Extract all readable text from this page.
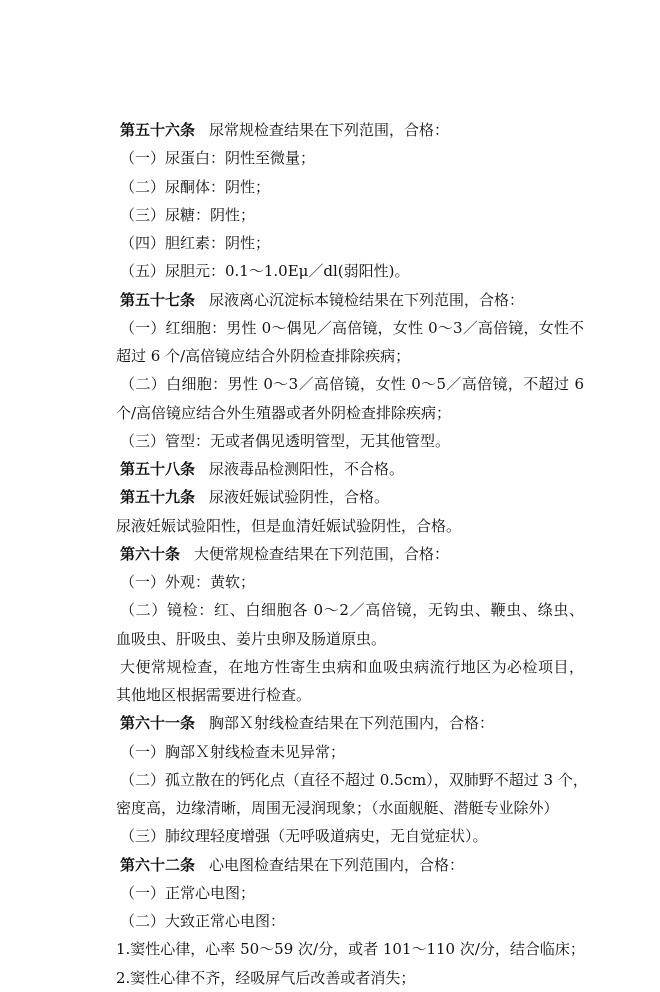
第五十六条 尿常规检查结果在下列范围，合格：
（一）尿蛋白：阴性至微量；
（二）尿酮体：阴性；
（三）尿糖：阴性；
（四）胆红素：阴性；
（五）尿胆元：0.1～1.0Eμ／dl(弱阳性)。
第五十七条 尿液离心沉淀标本镜检结果在下列范围，合格：
（一）红细胞：男性 0～偶见／高倍镜，女性 0～3／高倍镜，女性不
超过 6 个/高倍镜应结合外阴检查排除疾病；
（二）白细胞：男性 0～3／高倍镜，女性 0～5／高倍镜，不超过 6
个/高倍镜应结合外生殖器或者外阴检查排除疾病；
（三）管型：无或者偶见透明管型，无其他管型。
第五十八条 尿液毒品检测阳性，不合格。
第五十九条 尿液妊娠试验阴性，合格。
尿液妊娠试验阳性，但是血清妊娠试验阴性，合格。
第六十条 大便常规检查结果在下列范围，合格：
（一）外观：黄软；
（二）镜检：红、白细胞各 0～2／高倍镜，无钩虫、鞭虫、绦虫、
血吸虫、肝吸虫、姜片虫卵及肠道原虫。
大便常规检查，在地方性寄生虫病和血吸虫病流行地区为必检项目，
其他地区根据需要进行检查。
第六十一条 胸部Ｘ射线检查结果在下列范围内，合格：
（一）胸部Ｘ射线检查未见异常；
（二）孤立散在的钙化点（直径不超过 0.5cm），双肺野不超过 3 个，
密度高，边缘清晰，周围无浸润现象；（水面舰艇、潜艇专业除外）
（三）肺纹理轻度增强（无呼吸道病史，无自觉症状）。
第六十二条 心电图检查结果在下列范围内，合格：
（一）正常心电图；
（二）大致正常心电图：
1.窦性心律，心率 50～59 次/分，或者 101～110 次/分，结合临床；
2.窦性心律不齐，经吸屏气后改善或者消失；
